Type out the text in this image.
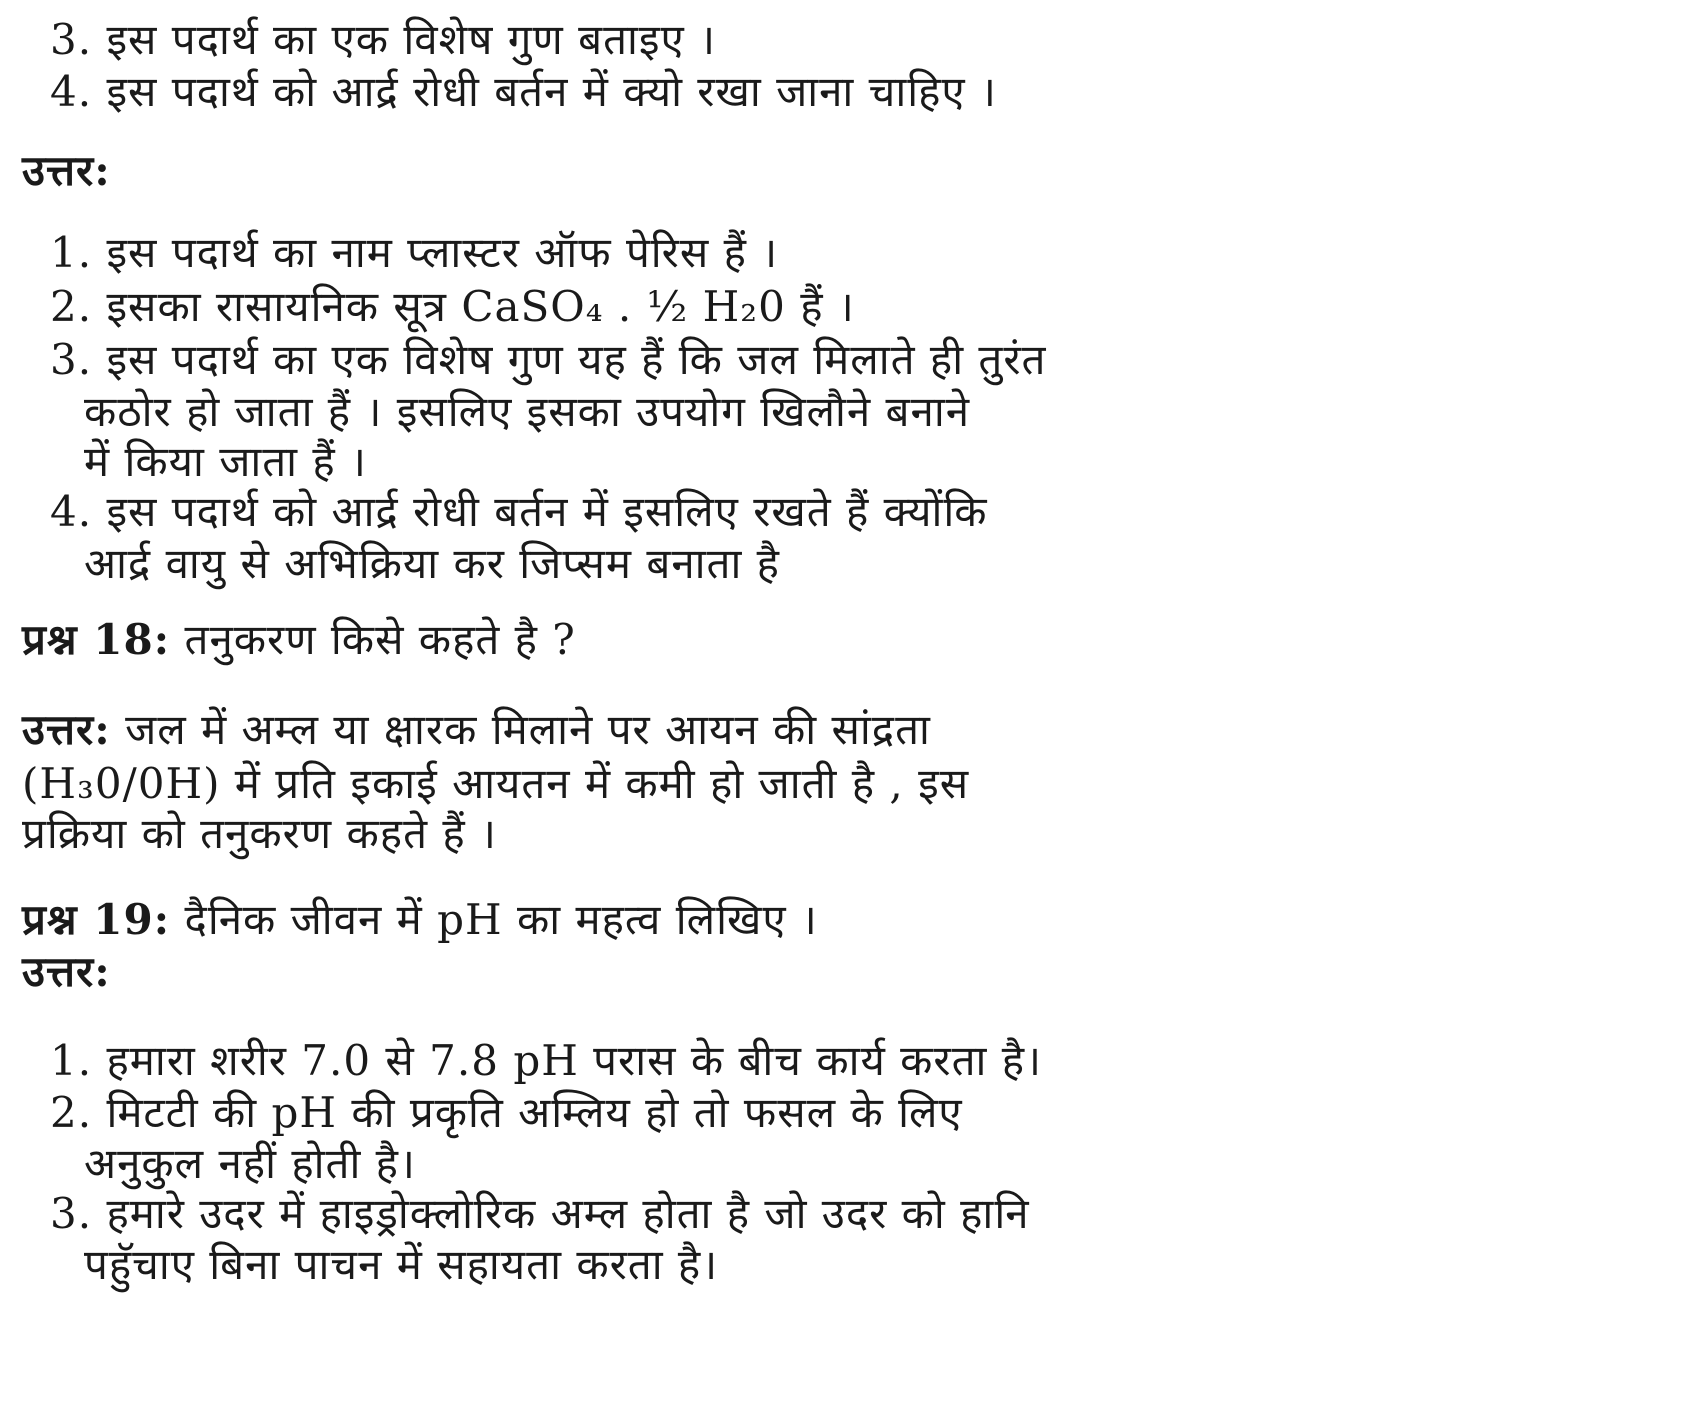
3. इस पदार्थ का एक विशेष गुण बताइए ।
4. इस पदार्थ को आर्द्र रोधी बर्तन में क्यो रखा जाना चाहिए ।
उत्तर:
1. इस पदार्थ का नाम प्लास्टर ऑफ पेरिस हैं ।
2. इसका रासायनिक सूत्र CaSO₄ . ½ H₂0 हैं ।
3. इस पदार्थ का एक विशेष गुण यह हैं कि जल मिलाते ही तुरंत
कठोर हो जाता हैं । इसलिए इसका उपयोग खिलौने बनाने
में किया जाता हैं ।
4. इस पदार्थ को आर्द्र रोधी बर्तन में इसलिए रखते हैं क्योंकि
आर्द्र वायु से अभिक्रिया कर जिप्सम बनाता है
प्रश्न 18: तनुकरण किसे कहते है ?
उत्तर: जल में अम्ल या क्षारक मिलाने पर आयन की सांद्रता
(H₃0/0H) में प्रति इकाई आयतन में कमी हो जाती है , इस
प्रक्रिया को तनुकरण कहते हैं ।
प्रश्न 19: दैनिक जीवन में pH का महत्व लिखिए ।
उत्तर:
1. हमारा शरीर 7.0 से 7.8 pH परास के बीच कार्य करता है।
2. मिटटी की pH की प्रकृति अम्लिय हो तो फसल के लिए
अनुकुल नहीं होती है।
3. हमारे उदर में हाइड्रोक्लोरिक अम्ल होता है जो उदर को हानि
पहुॅचाए बिना पाचन में सहायता करता है।
